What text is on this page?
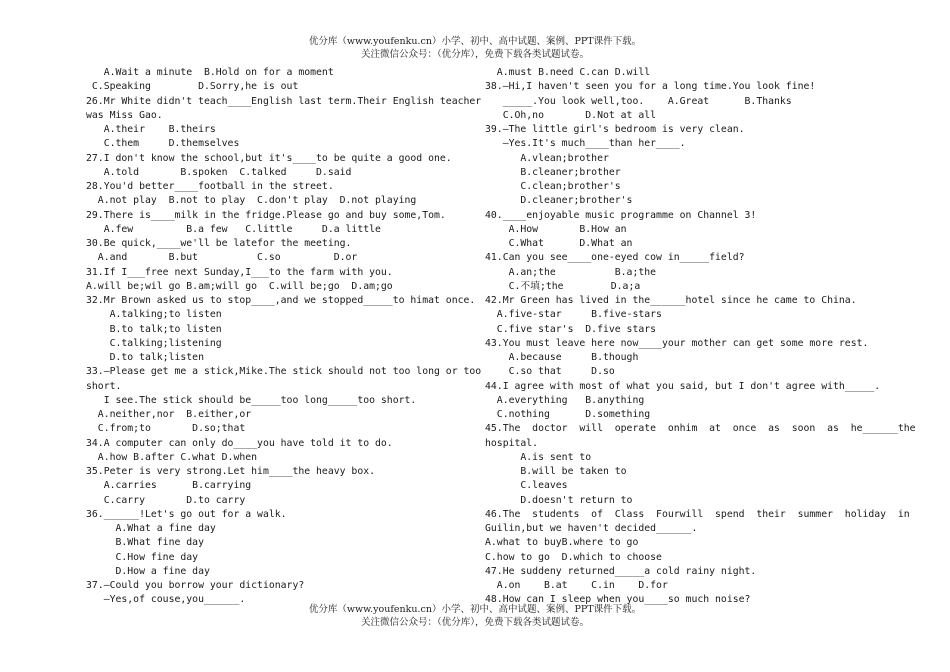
优分库（www.youfenku.cn）小学、初中、高中试题、案例、PPT课件下载。
关注微信公众号：（优分库），免费下载各类试题试卷。
A.Wait a minute  B.Hold on for a moment
C.Speaking        D.Sorry,he is out
26.Mr White didn't teach____English last term.Their English teacher
was Miss Gao.
A.their    B.theirs
C.them     D.themselves
27.I don't know the school,but it's____to be quite a good one.
A.told       B.spoken  C.talked     D.said
28.You'd better____football in the street.
A.not play  B.not to play  C.don't play  D.not playing
29.There is____milk in the fridge.Please go and buy some,Tom.
A.few         B.a few   C.little     D.a little
30.Be quick,____we'll be latefor the meeting.
A.and       B.but          C.so         D.or
31.If I___free next Sunday,I___to the farm with you.
A.will be;wil go B.am;will go  C.will be;go  D.am;go
32.Mr Brown asked us to stop____,and we stopped_____to himat once.
A.talking;to listen
B.to talk;to listen
C.talking;listening
D.to talk;listen
33.—Please get me a stick,Mike.The stick should not too long or too
short.
I see.The stick should be_____too long_____too short.
A.neither,nor  B.either,or
C.from;to       D.so;that
34.A computer can only do____you have told it to do.
A.how B.after C.what D.when
35.Peter is very strong.Let him____the heavy box.
A.carries      B.carrying
C.carry       D.to carry
36.______!Let's go out for a walk.
A.What a fine day
B.What fine day
C.How fine day
D.How a fine day
37.—Could you borrow your dictionary?
—Yes,of couse,you______.
A.must B.need C.can D.will
38.—Hi,I haven't seen you for a long time.You look fine!
_____.You look well,too.    A.Great      B.Thanks
C.Oh,no       D.Not at all
39.—The little girl's bedroom is very clean.
—Yes.It's much____than her____.
A.vlean;brother
B.cleaner;brother
C.clean;brother's
D.cleaner;brother's
40.____enjoyable music programme on Channel 3!
A.How       B.How an
C.What      D.What an
41.Can you see____one-eyed cow in_____field?
A.an;the          B.a;the
C.不填;the        D.a;a
42.Mr Green has lived in the______hotel since he came to China.
A.five-star     B.five-stars
C.five star's  D.five stars
43.You must leave here now____your mother can get some more rest.
A.because     B.though
C.so that     D.so
44.I agree with most of what you said, but I don't agree with_____.
A.everything   B.anything
C.nothing      D.something
45.The  doctor  will  operate  onhim  at  once  as  soon  as  he______the
hospital.
A.is sent to
B.will be taken to
C.leaves
D.doesn't return to
46.The  students  of  Class  Fourwill  spend  their  summer  holiday  in
Guilin,but we haven't decided______.
A.what to buyB.where to go
C.how to go  D.which to choose
47.He suddeny returned_____a cold rainy night.
A.on    B.at    C.in    D.for
48.How can I sleep when you____so much noise?
优分库（www.youfenku.cn）小学、初中、高中试题、案例、PPT课件下载。
关注微信公众号：（优分库），免费下载各类试题试卷。
